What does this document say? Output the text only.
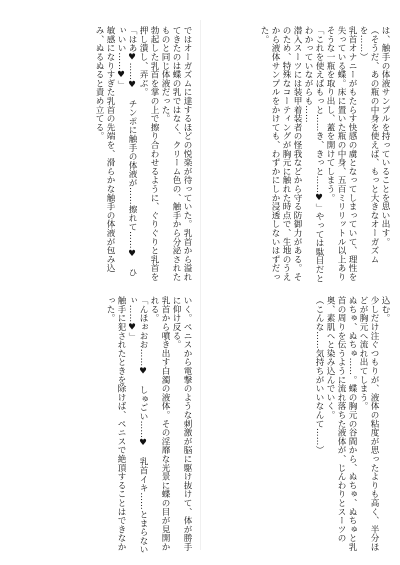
は、触手の体液サンプルを持っていることを思い出す。
（そうだ、あの瓶の中身を使えば、もっと大きなオーガズムを……）
乳首オナニーがもたらす快感の虜となってしまっていて、理性を失っている蝶。床に置いた瓶の中身、五百ミリリットル以上ありそうな一瓶を取り出し、蓋を開けてしまう。
「これを使えばもっと……き、きっと……♥」やっては駄目だとわかっていながらも……
潜入スーツには装甲着装者の怪我などから守る防御力がある。そのため、特殊なコーティングが胸元に触れた時点で、生地のうえから液体サンプルをかけても、わずかにしか浸透しないはずだった。
込む。
少しだけ注ぐつもりが、液体の粘度が思ったよりも高く、半分ほどが胸元へ流れ出てしまう。
ぬちゅ、ぬちゅ……。蝶の胸元の谷間から、ぬちゅ、ぬちゅと乳首の周りを伝うように流れ落ちた液体が、じんわりとスーツの奥、素肌へと染み込んでいく。
（こんな……気持ちがいいなんて……）
ではオーガズムに達するほどの悦楽が待っていた。乳首から溢れてきたのは蝶の乳ではなく、クリーム色の、触手から分泌されたものと同じ体液だった。
勃起した乳首を掌の上で擦り合わせるように、ぐりぐりと乳首を押し潰し、弄ぶ。
「はあ♥……♥　チンポに触手の体液が……擦れて……♥　ひぃいい……♥」
敏感になりすぎた乳首の先端を、滑らかな触手の体液が包み込み、ぬるぬると責め立てる。
いく。ペニスから電撃のような刺激が脳に駆け抜けて、体が勝手に仰け反る。
乳首から噴き出す白濁の液体。その淫靡な光景に蝶の目が見開かれる。
「んほぉおお……♥　しゅごい……♥　乳首イキ……とまらないぃ……♥」
触手に犯されたときを除けば、ペニスで絶頂することはできなかった。
